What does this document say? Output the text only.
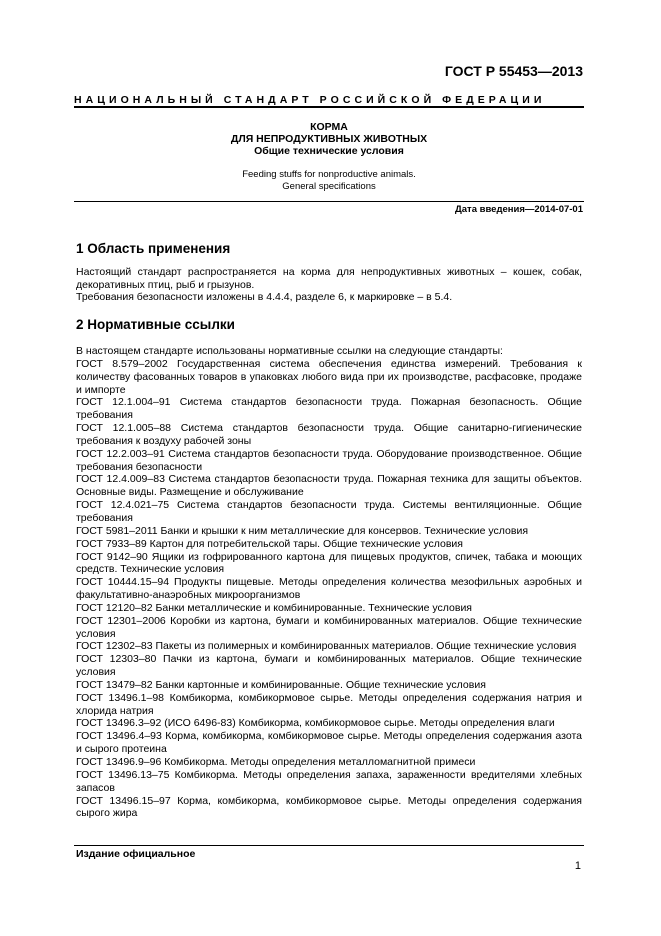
ГОСТ Р 55453—2013
НАЦИОНАЛЬНЫЙ СТАНДАРТ РОССИЙСКОЙ ФЕДЕРАЦИИ
КОРМА
ДЛЯ НЕПРОДУКТИВНЫХ ЖИВОТНЫХ
Общие технические условия
Feeding stuffs for nonproductive animals.
General specifications
Дата введения—2014-07-01
1 Область применения

Настоящий стандарт распространяется на корма для непродуктивных животных – кошек, собак, декоративных птиц, рыб и грызунов.

Требования безопасности изложены в 4.4.4, разделе 6, к маркировке – в 5.4.

2 Нормативные ссылки

В настоящем стандарте использованы нормативные ссылки на следующие стандарты:

ГОСТ 8.579–2002 Государственная система обеспечения единства измерений. Требования к количеству фасованных товаров в упаковках любого вида при их производстве, расфасовке, продаже и импорте

ГОСТ 12.1.004–91 Система стандартов безопасности труда. Пожарная безопасность. Общие требования

ГОСТ 12.1.005–88 Система стандартов безопасности труда. Общие санитарно-гигиенические требования к воздуху рабочей зоны

ГОСТ 12.2.003–91 Система стандартов безопасности труда. Оборудование производственное. Общие требования безопасности

ГОСТ 12.4.009–83 Система стандартов безопасности труда. Пожарная техника для защиты объектов. Основные виды. Размещение и обслуживание

ГОСТ 12.4.021–75 Система стандартов безопасности труда. Системы вентиляционные. Общие требования

ГОСТ 5981–2011 Банки и крышки к ним металлические для консервов. Технические условия

ГОСТ 7933–89 Картон для потребительской тары. Общие технические условия

ГОСТ 9142–90 Ящики из гофрированного картона для пищевых продуктов, спичек, табака и моющих средств. Технические условия

ГОСТ 10444.15–94 Продукты пищевые. Методы определения количества мезофильных аэробных и факультативно-анаэробных микроорганизмов

ГОСТ 12120–82 Банки металлические и комбинированные. Технические условия

ГОСТ 12301–2006 Коробки из картона, бумаги и комбинированных материалов. Общие технические условия

ГОСТ 12302–83 Пакеты из полимерных и комбинированных материалов. Общие технические условия

ГОСТ 12303–80 Пачки из картона, бумаги и комбинированных материалов. Общие технические условия

ГОСТ 13479–82 Банки картонные и комбинированные. Общие технические условия

ГОСТ 13496.1–98 Комбикорма, комбикормовое сырье. Методы определения содержания натрия и хлорида натрия

ГОСТ 13496.3–92 (ИСО 6496-83) Комбикорма, комбикормовое сырье. Методы определения влаги

ГОСТ 13496.4–93 Корма, комбикорма, комбикормовое сырье. Методы определения содержания азота и сырого протеина

ГОСТ 13496.9–96 Комбикорма. Методы определения металломагнитной примеси

ГОСТ 13496.13–75 Комбикорма. Методы определения запаха, зараженности вредителями хлебных запасов

ГОСТ 13496.15–97 Корма, комбикорма, комбикормовое сырье. Методы определения содержания сырого жира

Издание официальное
1
